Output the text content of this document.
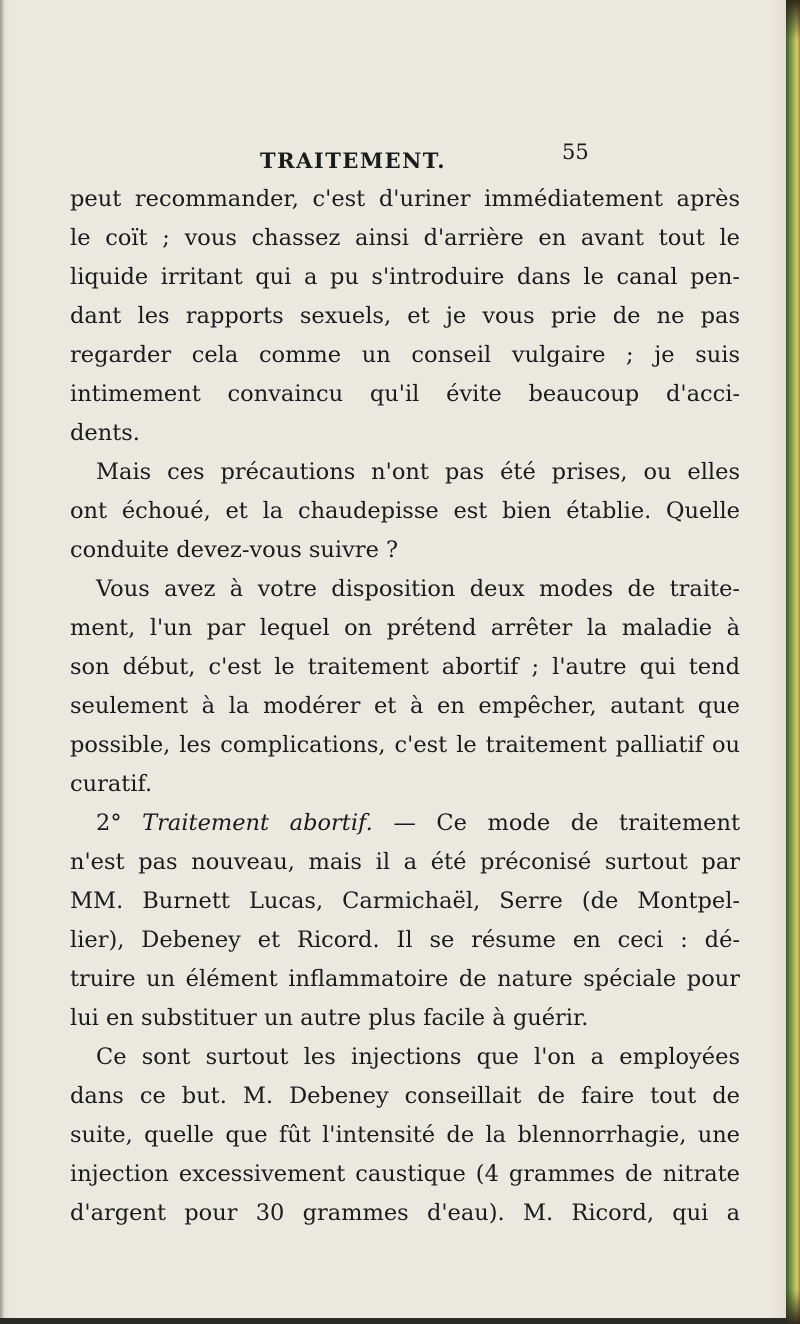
TRAITEMENT.	55
peut recommander, c'est d'uriner immédiatement après
le coït ; vous chassez ainsi d'arrière en avant tout le
liquide irritant qui a pu s'introduire dans le canal pen-
dant les rapports sexuels, et je vous prie de ne pas
regarder cela comme un conseil vulgaire ; je suis
intimement convaincu qu'il évite beaucoup d'acci-
dents.
Mais ces précautions n'ont pas été prises, ou elles
ont échoué, et la chaudepisse est bien établie. Quelle
conduite devez-vous suivre ?
Vous avez à votre disposition deux modes de traite-
ment, l'un par lequel on prétend arrêter la maladie à
son début, c'est le traitement abortif ; l'autre qui tend
seulement à la modérer et à en empêcher, autant que
possible, les complications, c'est le traitement palliatif ou
curatif.
2° Traitement abortif. — Ce mode de traitement
n'est pas nouveau, mais il a été préconisé surtout par
MM. Burnett Lucas, Carmichaël, Serre (de Montpel-
lier), Debeney et Ricord. Il se résume en ceci : dé-
truire un élément inflammatoire de nature spéciale pour
lui en substituer un autre plus facile à guérir.
Ce sont surtout les injections que l'on a employées
dans ce but. M. Debeney conseillait de faire tout de
suite, quelle que fût l'intensité de la blennorrhagie, une
injection excessivement caustique (4 grammes de nitrate
d'argent pour 30 grammes d'eau). M. Ricord, qui a
